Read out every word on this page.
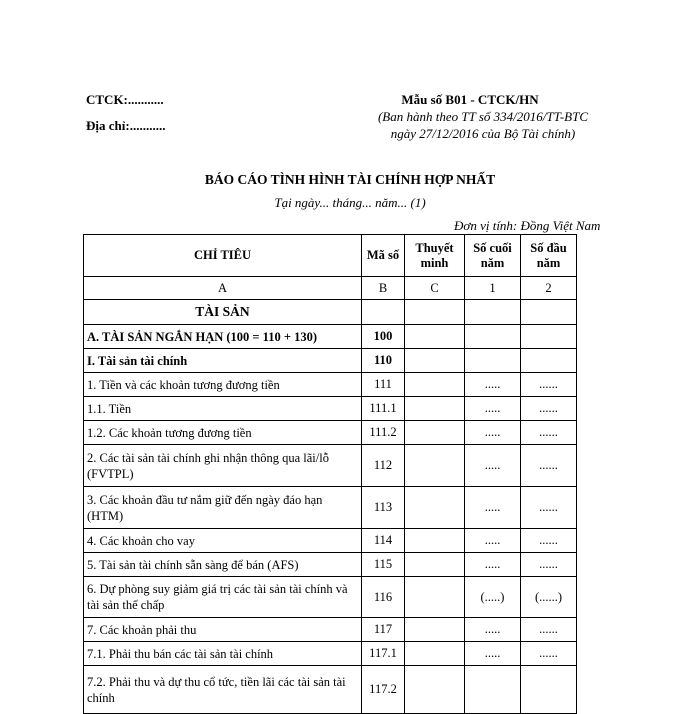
CTCK:...........
Địa chỉ:...........
Mẫu số B01 - CTCK/HN
(Ban hành theo TT số 334/2016/TT-BTC
ngày 27/12/2016 của Bộ Tài chính)
BÁO CÁO TÌNH HÌNH TÀI CHÍNH HỢP NHẤT
Tại ngày... tháng... năm... (1)
Đơn vị tính: Đồng Việt Nam
CHỈ TIÊU	Mã số	Thuyết minh	Số cuối năm	Số đầu năm
A	B	C	1	2
TÀI SẢN				
A. TÀI SẢN NGẮN HẠN (100 = 110 + 130)	100			
I. Tài sản tài chính	110			
1. Tiền và các khoản tương đương tiền	111		.....	......
1.1. Tiền	111.1		.....	......
1.2. Các khoản tương đương tiền	111.2		.....	......
2. Các tài sản tài chính ghi nhận thông qua lãi/lỗ (FVTPL)	112		.....	......
3. Các khoản đầu tư nắm giữ đến ngày đáo hạn (HTM)	113		.....	......
4. Các khoản cho vay	114		.....	......
5. Tài sản tài chính sẵn sàng để bán (AFS)	115		.....	......
6. Dự phòng suy giảm giá trị các tài sản tài chính và tài sản thế chấp	116		(.....)	(......)
7. Các khoản phải thu	117		.....	......
7.1. Phải thu bán các tài sản tài chính	117.1		.....	......
7.2. Phải thu và dự thu cổ tức, tiền lãi các tài sản tài chính	117.2			
